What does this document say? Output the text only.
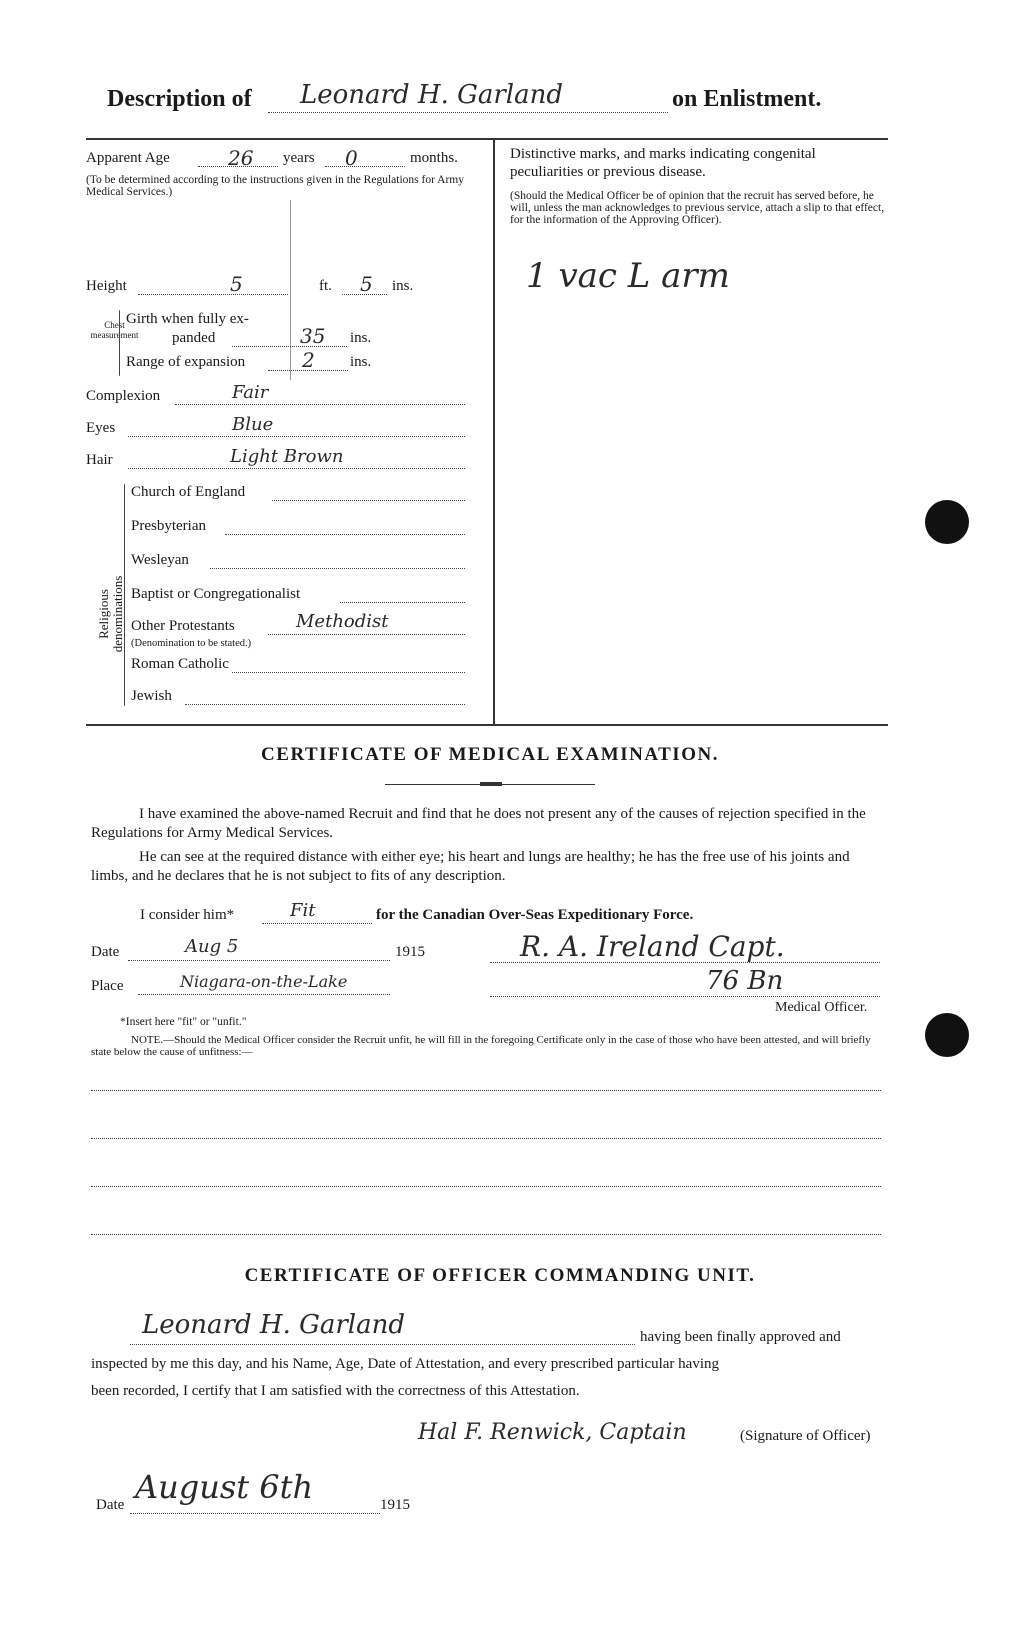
Description of Leonard H. Garland	on Enlistment.
Apparent Age	26 years 0	months.
(To be determined according to the instructions given in the Regulations for Army Medical Services.)
Height	5	ft. 5 ins.
Chest measurement
Girth when fully ex-
panded	35 ins.
Range of expansion	2 ins.
Complexion	Fair
Eyes	Blue
Hair	Light Brown
Religious denominations
Church of England
Presbyterian
Wesleyan
Baptist or Congregationalist
Other Protestants	Methodist
(Denomination to be stated.)
Roman Catholic
Jewish
Distinctive marks, and marks indicating congenital
peculiarities or previous disease.
(Should the Medical Officer be of opinion that the recruit has served before, he will, unless the man acknowledges to previous service, attach a slip to that effect, for the information of the Approving Officer).
1 vac L arm
CERTIFICATE OF MEDICAL EXAMINATION.
I have examined the above-named Recruit and find that he does not present any of the causes of rejection specified in the Regulations for Army Medical Services.
He can see at the required distance with either eye; his heart and lungs are healthy; he has the free use of his joints and limbs, and he declares that he is not subject to fits of any description.
I consider him*	Fit	for the Canadian Over-Seas Expeditionary Force.
Date	Aug 5	1915	R. A. Ireland Capt.
Place	Niagara-on-the-Lake	76 Bn
Medical Officer.
*Insert here "fit" or "unfit."
NOTE.—Should the Medical Officer consider the Recruit unfit, he will fill in the foregoing Certificate only in the case of those who have been attested, and will briefly state below the cause of unfitness:—
CERTIFICATE OF OFFICER COMMANDING UNIT.
Leonard H. Garland	having been finally approved and
inspected by me this day, and his Name, Age, Date of Attestation, and every prescribed particular having
been recorded, I certify that I am satisfied with the correctness of this Attestation.
Hal F. Renwick, Captain	(Signature of Officer)
Date August 6th	1915
